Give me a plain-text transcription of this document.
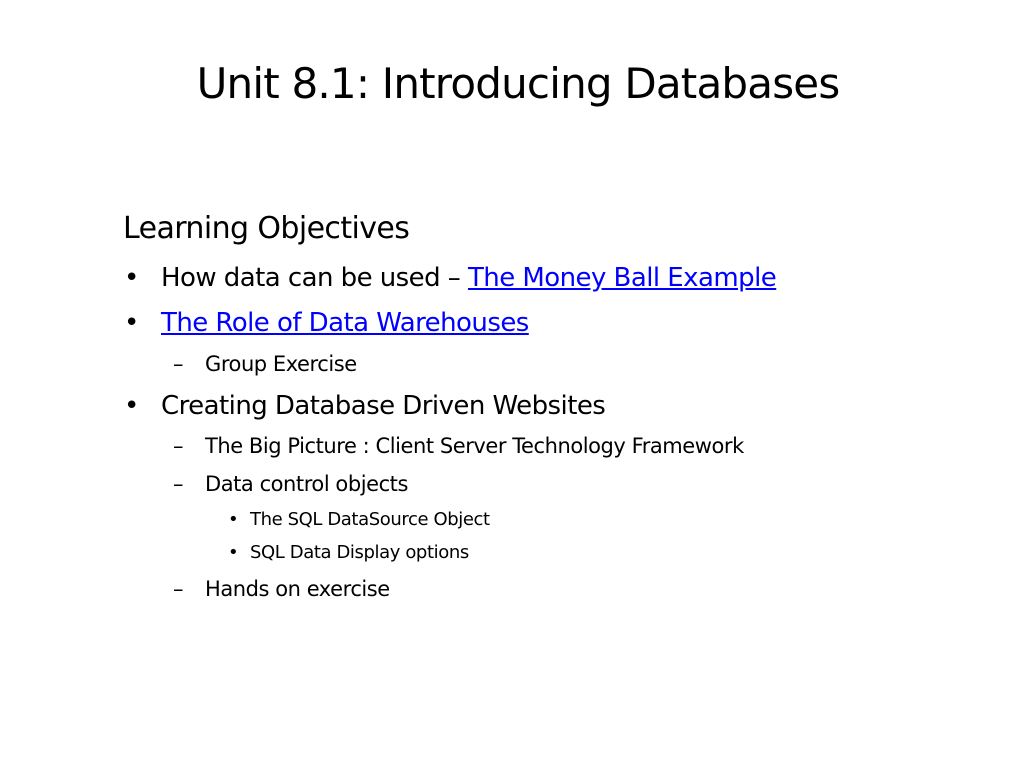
Unit 8.1: Introducing Databases
Learning Objectives
• How data can be used – The Money Ball Example
• The Role of Data Warehouses
– Group Exercise
• Creating Database Driven Websites
– The Big Picture : Client Server Technology Framework
– Data control objects
• The SQL DataSource Object
• SQL Data Display options
– Hands on exercise
